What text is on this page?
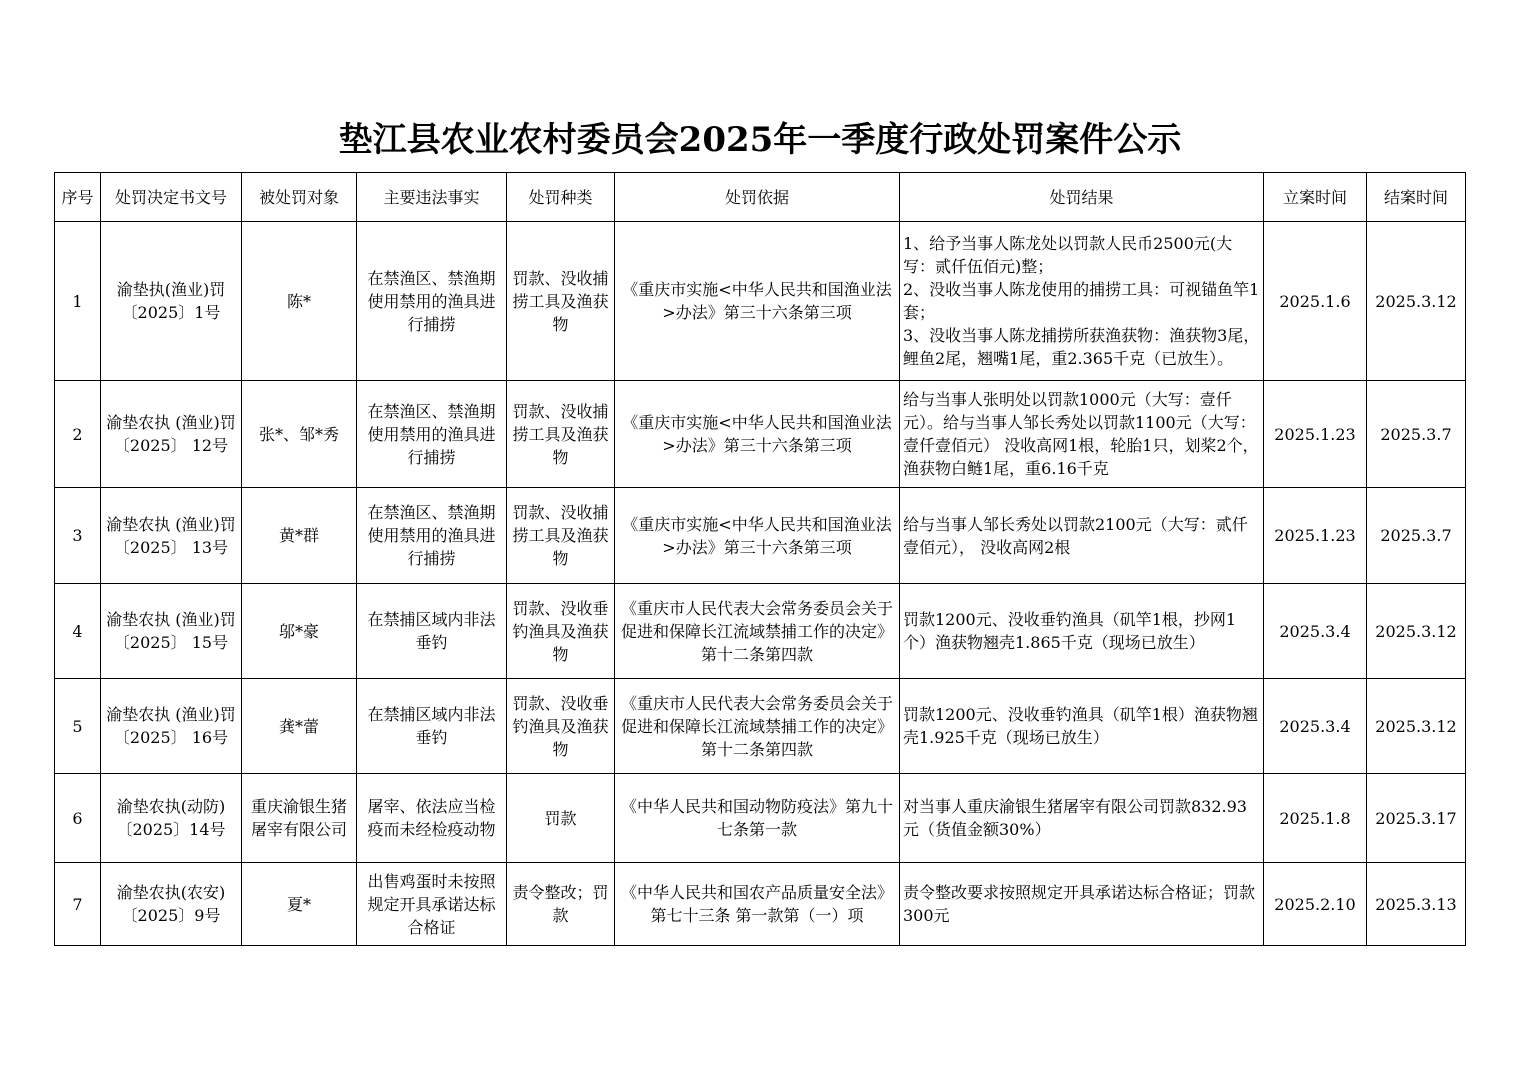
垫江县农业农村委员会2025年一季度行政处罚案件公示
序号	处罚决定书文号	被处罚对象	主要违法事实	处罚种类	处罚依据	处罚结果	立案时间	结案时间
1	渝垫执(渔业)罚〔2025〕1号	陈*	在禁渔区、禁渔期使用禁用的渔具进行捕捞	罚款、没收捕捞工具及渔获物	《重庆市实施<中华人民共和国渔业法>办法》第三十六条第三项	1、给予当事人陈龙处以罚款人民币2500元(大写：贰仟伍佰元)整；
2、没收当事人陈龙使用的捕捞工具：可视锚鱼竿1套；
3、没收当事人陈龙捕捞所获渔获物：渔获物3尾，鲤鱼2尾，翘嘴1尾，重2.365千克（已放生）。	2025.1.6	2025.3.12
2	渝垫农执 (渔业)罚〔2025〕 12号	张*、邹*秀	在禁渔区、禁渔期使用禁用的渔具进行捕捞	罚款、没收捕捞工具及渔获物	《重庆市实施<中华人民共和国渔业法>办法》第三十六条第三项	给与当事人张明处以罚款1000元（大写：壹仟元）。给与当事人邹长秀处以罚款1100元（大写：壹仟壹佰元） 没收高网1根，轮胎1只，划桨2个，渔获物白鲢1尾，重6.16千克	2025.1.23	2025.3.7
3	渝垫农执 (渔业)罚〔2025〕 13号	黄*群	在禁渔区、禁渔期使用禁用的渔具进行捕捞	罚款、没收捕捞工具及渔获物	《重庆市实施<中华人民共和国渔业法>办法》第三十六条第三项	给与当事人邹长秀处以罚款2100元（大写：贰仟壹佰元）， 没收高网2根	2025.1.23	2025.3.7
4	渝垫农执 (渔业)罚〔2025〕 15号	邬*豪	在禁捕区域内非法垂钓	罚款、没收垂钓渔具及渔获物	《重庆市人民代表大会常务委员会关于促进和保障长江流域禁捕工作的决定》第十二条第四款	罚款1200元、没收垂钓渔具（矶竿1根，抄网1个）渔获物翘壳1.865千克（现场已放生）	2025.3.4	2025.3.12
5	渝垫农执 (渔业)罚〔2025〕 16号	龚*蕾	在禁捕区域内非法垂钓	罚款、没收垂钓渔具及渔获物	《重庆市人民代表大会常务委员会关于促进和保障长江流域禁捕工作的决定》第十二条第四款	罚款1200元、没收垂钓渔具（矶竿1根）渔获物翘壳1.925千克（现场已放生）	2025.3.4	2025.3.12
6	渝垫农执(动防)〔2025〕14号	重庆渝银生猪屠宰有限公司	屠宰、依法应当检疫而未经检疫动物	罚款	《中华人民共和国动物防疫法》第九十七条第一款	对当事人重庆渝银生猪屠宰有限公司罚款832.93元（货值金额30%）	2025.1.8	2025.3.17
7	渝垫农执(农安)〔2025〕9号	夏*	出售鸡蛋时未按照规定开具承诺达标合格证	责令整改；罚款	《中华人民共和国农产品质量安全法》第七十三条 第一款第（一）项	责令整改要求按照规定开具承诺达标合格证；罚款300元	2025.2.10	2025.3.13
